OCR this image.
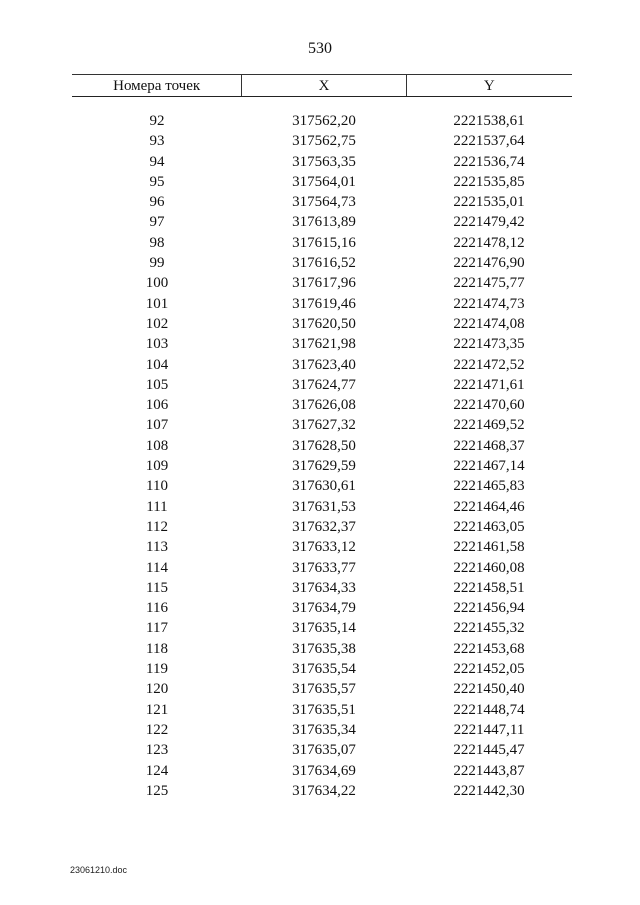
530
Номера точек	X	Y
92	317562,20	2221538,61
93	317562,75	2221537,64
94	317563,35	2221536,74
95	317564,01	2221535,85
96	317564,73	2221535,01
97	317613,89	2221479,42
98	317615,16	2221478,12
99	317616,52	2221476,90
100	317617,96	2221475,77
101	317619,46	2221474,73
102	317620,50	2221474,08
103	317621,98	2221473,35
104	317623,40	2221472,52
105	317624,77	2221471,61
106	317626,08	2221470,60
107	317627,32	2221469,52
108	317628,50	2221468,37
109	317629,59	2221467,14
110	317630,61	2221465,83
111	317631,53	2221464,46
112	317632,37	2221463,05
113	317633,12	2221461,58
114	317633,77	2221460,08
115	317634,33	2221458,51
116	317634,79	2221456,94
117	317635,14	2221455,32
118	317635,38	2221453,68
119	317635,54	2221452,05
120	317635,57	2221450,40
121	317635,51	2221448,74
122	317635,34	2221447,11
123	317635,07	2221445,47
124	317634,69	2221443,87
125	317634,22	2221442,30
23061210.doc
